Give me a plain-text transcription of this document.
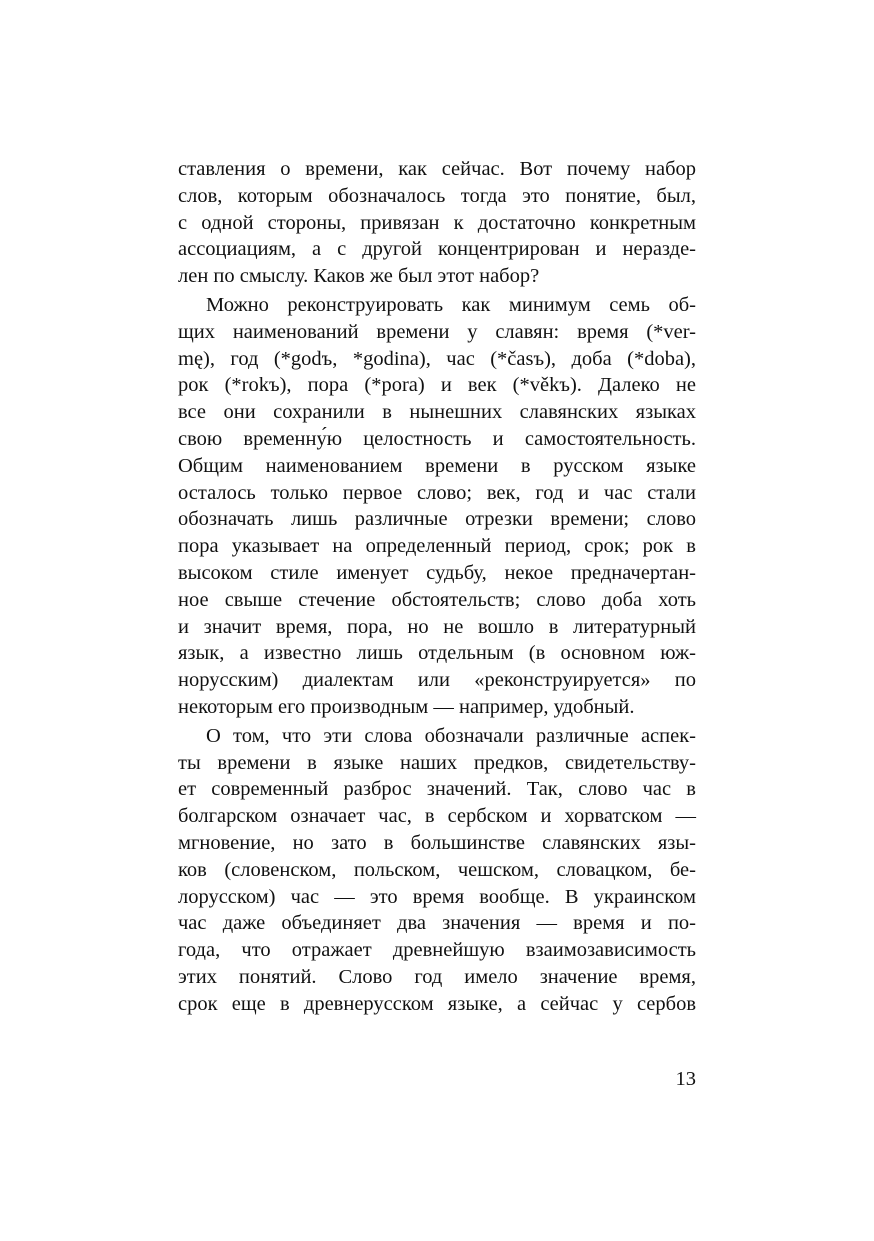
ставления о времени, как сейчас. Вот почему набор
слов, которым обозначалось тогда это понятие, был,
с одной стороны, привязан к достаточно конкретным
ассоциациям, а с другой концентрирован и нераздe-
лен по смыслу. Каков же был этот набор?
Можно реконструировать как минимум семь об-
щих наименований времени у славян: время (*ver-
mę), год (*godъ, *godina), час (*časъ), доба (*doba),
рок (*rokъ), пора (*pora) и век (*věkъ). Далеко не
все они сохранили в нынешних славянских языках
свою временну́ю целостность и самостоятельность.
Общим наименованием времени в русском языке
осталось только первое слово; век, год и час стали
обозначать лишь различные отрезки времени; слово
пора указывает на определенный период, срок; рок в
высоком стиле именует судьбу, некое предначертан-
ное свыше стечение обстоятельств; слово доба хоть
и значит время, пора, но не вошло в литературный
язык, а известно лишь отдельным (в основном юж-
норусским) диалектам или «реконструируется» по
некоторым его производным — например, удобный.
О том, что эти слова обозначали различные аспек-
ты времени в языке наших предков, свидетельству-
ет современный разброс значений. Так, слово час в
болгарском означает час, в сербском и хорватском —
мгновение, но зато в большинстве славянских язы-
ков (словенском, польском, чешском, словацком, бе-
лорусском) час — это время вообще. В украинском
час даже объединяет два значения — время и по-
года, что отражает древнейшую взаимозависимость
этих понятий. Слово год имело значение время,
срок еще в древнерусском языке, а сейчас у сербов
13
